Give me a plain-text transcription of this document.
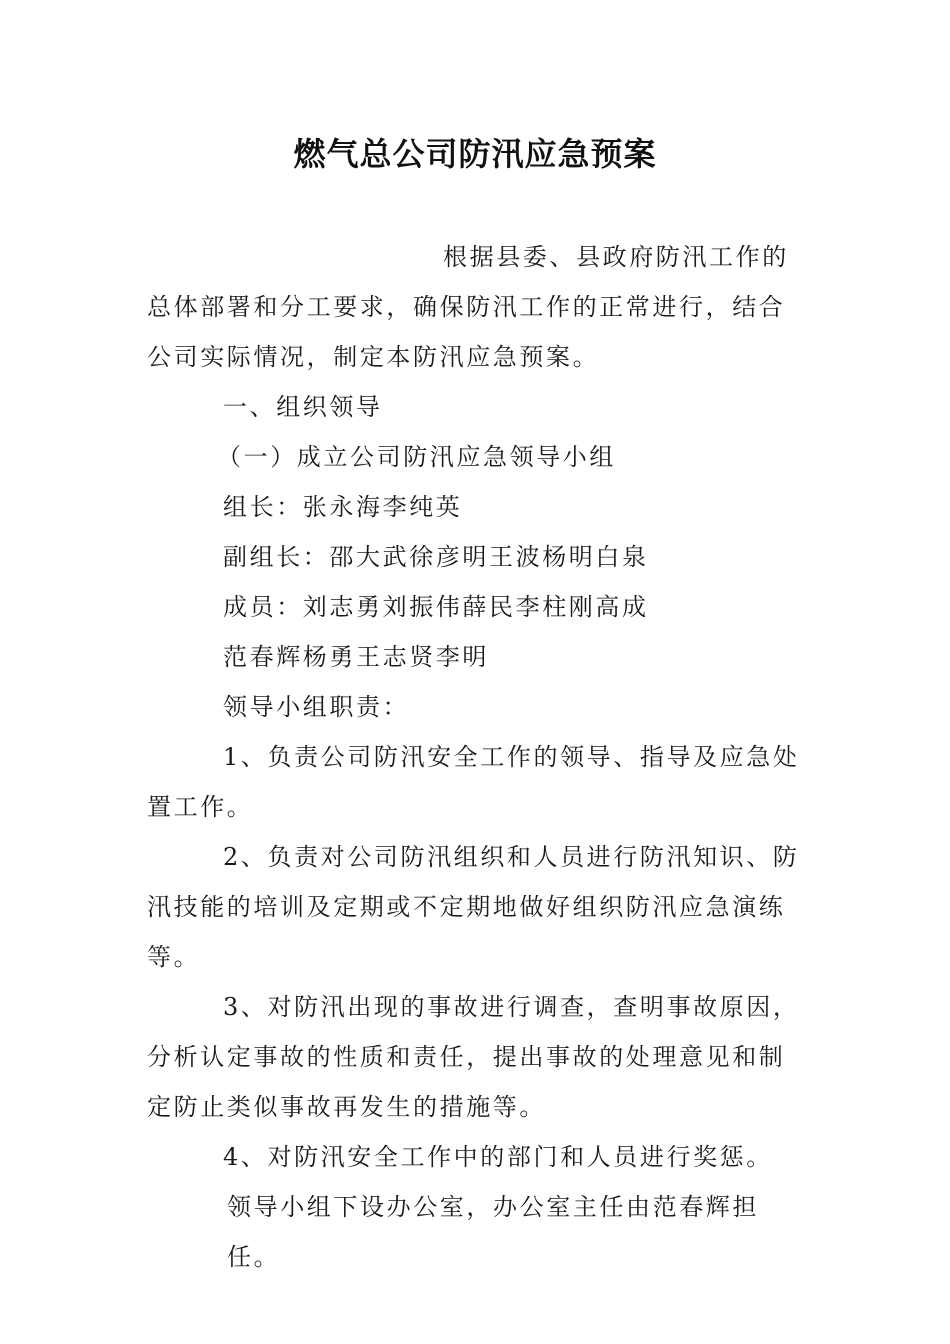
燃气总公司防汛应急预案

根据县委、县政府防汛工作的总体部署和分工要求，确保防汛工作的正常进行，结合公司实际情况，制定本防汛应急预案。

一、组织领导

（一）成立公司防汛应急领导小组

组长：张永海李纯英

副组长：邵大武徐彦明王波杨明白泉

成员：刘志勇刘振伟薛民李柱刚高成

范春辉杨勇王志贤李明

领导小组职责：

1、负责公司防汛安全工作的领导、指导及应急处置工作。

2、负责对公司防汛组织和人员进行防汛知识、防汛技能的培训及定期或不定期地做好组织防汛应急演练等。

3、对防汛出现的事故进行调查，查明事故原因，分析认定事故的性质和责任，提出事故的处理意见和制定防止类似事故再发生的措施等。

4、对防汛安全工作中的部门和人员进行奖惩。

领导小组下设办公室，办公室主任由范春辉担任。
